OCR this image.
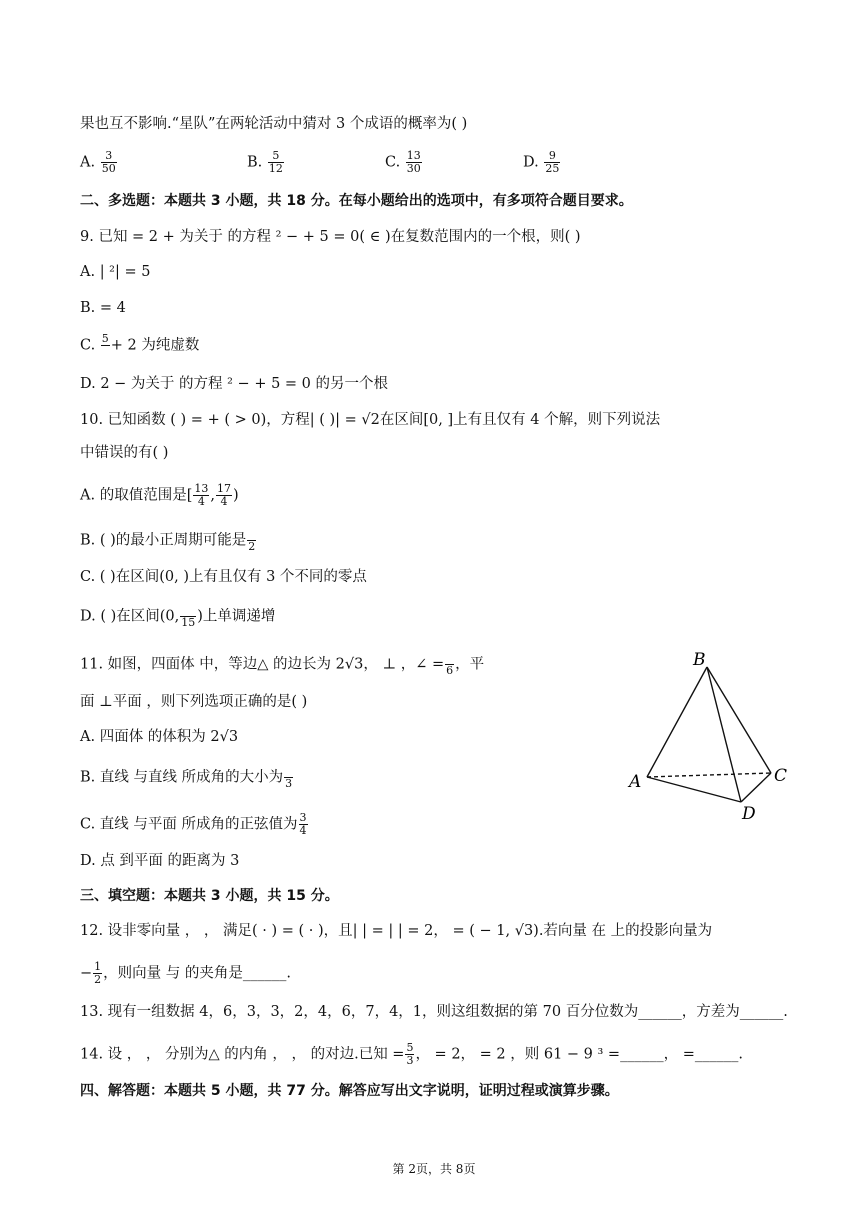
果也互不影响.“星队”在两轮活动中猜对 3 个成语的概率为( )
A. $\frac{3}{50}$	B. $\frac{5}{12}$	C. $\frac{13}{30}$	D. $\frac{9}{25}$
二、多选题：本题共 3 小题，共 18 分。在每小题给出的选项中，有多项符合题目要求。
9. 已知 = 2 + 为关于 的方程 ² − + 5 = 0( ∈ )在复数范围内的一个根，则( )
A. | ²| = 5
B. = 4
C. 5 + 2 为纯虚数
D. 2 − 为关于 的方程 ² − + 5 = 0 的另一个根
10. 已知函数 ( ) = + ( > 0)，方程| ( )| = √2在区间[0, ]上有且仅有 4 个解，则下列说法
中错误的有( )
A. 的取值范围是[ $\frac{13}{4}$ , $\frac{17}{4}$ )
B. ( )的最小正周期可能是 2
C. ( )在区间(0, )上有且仅有 3 个不同的零点
D. ( )在区间(0, 15 )上单调递增
11. 如图，四面体 中，等边△ 的边长为 2√3， ⊥ ，∠ = 6 ，平
面 ⊥平面 ，则下列选项正确的是( )
A. 四面体 的体积为 2√3
B. 直线 与直线 所成角的大小为 3
C. 直线 与平面 所成角的正弦值为 $\frac{3}{4}$
D. 点 到平面 的距离为 3
B
A	C
D
三、填空题：本题共 3 小题，共 15 分。
12. 设非零向量 ， ， 满足( · ) = ( · )，且| | = | | = 2， = ( − 1, √3).若向量 在 上的投影向量为
− $\frac{1}{2}$ ，则向量 与 的夹角是______.
13. 现有一组数据 4，6，3，3，2，4，6，7，4，1，则这组数据的第 70 百分位数为______，方差为______.
14. 设 ， ， 分别为△ 的内角 ， ， 的对边.已知 = $\frac{5}{3}$ ， = 2， = 2 ，则 61 − 9 ³ =______， =______.
四、解答题：本题共 5 小题，共 77 分。解答应写出文字说明，证明过程或演算步骤。
第 2页，共 8页
